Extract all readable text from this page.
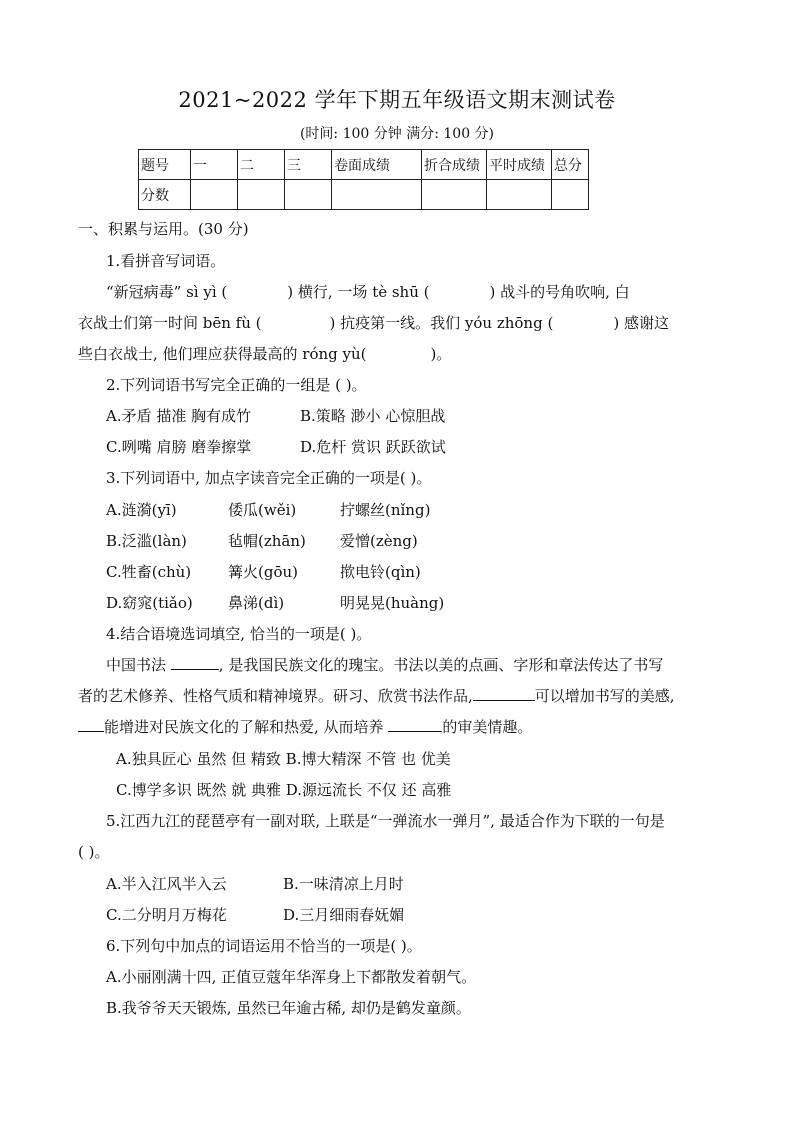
2021~2022 学年下期五年级语文期末测试卷
(时间: 100 分钟 满分: 100 分)
题号	一	二	三	卷面成绩	折合成绩	平时成绩	总分
分数							
一、积累与运用。(30 分)
1.看拼音写词语。
“新冠病毒” sì yì (	) 横行, 一场 tè shū (	) 战斗的号角吹响, 白
衣战士们第一时间 bēn fù (	) 抗疫第一线。我们 yóu zhōng (	) 感谢这
些白衣战士, 他们理应获得最高的 róng yù(	)。
2.下列词语书写完全正确的一组是 ( )。
A.矛盾 描准 胸有成竹	B.策略 渺小 心惊胆战
C.咧嘴 肩膀 磨拳擦掌	D.危杆 赏识 跃跃欲试
3.下列词语中, 加点字读音完全正确的一项是( )。
A.涟漪(yī)	倭瓜(wěi)	拧螺丝(nǐng)
B.泛滥(làn)	毡帽(zhān) 爱憎(zèng)
C.牲畜(chù) 篝火(gōu)	揿电铃(qìn)
D.窈窕(tiǎo) 鼻涕(dì)	明晃晃(huàng)
4.结合语境选词填空, 恰当的一项是( )。
中国书法	, 是我国民族文化的瑰宝。书法以美的点画、字形和章法传达了书写
者的艺术修养、性格气质和精神境界。研习、欣赏书法作品,	可以增加书写的美感,
能增进对民族文化的了解和热爱, 从而培养	的审美情趣。
A.独具匠心 虽然 但 精致 B.博大精深 不管 也 优美
C.博学多识 既然 就 典雅 D.源远流长 不仅 还 高雅
5.江西九江的琵琶亭有一副对联, 上联是“一弹流水一弹月”, 最适合作为下联的一句是
( )。
A.半入江风半入云	B.一味清凉上月时
C.二分明月万梅花	D.三月细雨春妩媚
6.下列句中加点的词语运用不恰当的一项是( )。
A.小丽刚满十四, 正值豆蔻年华浑身上下都散发着朝气。
B.我爷爷天天锻炼, 虽然已年逾古稀, 却仍是鹤发童颜。
